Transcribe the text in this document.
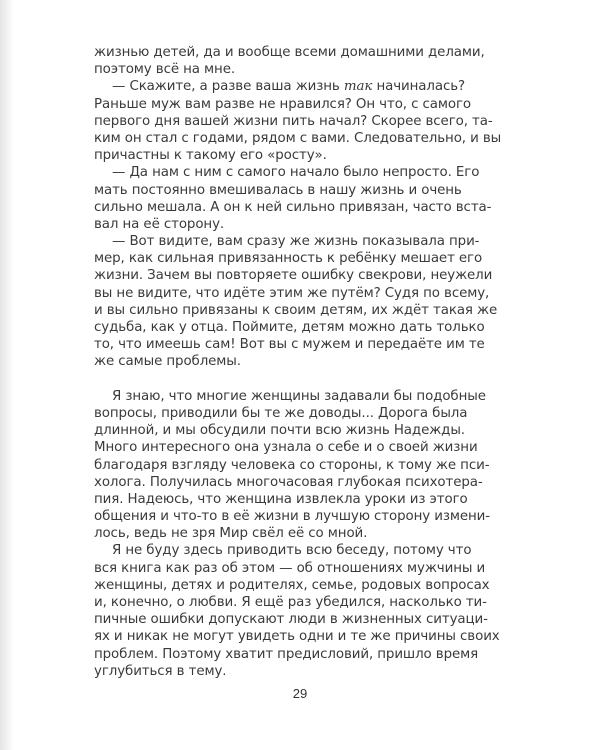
жизнью детей, да и вообще всеми домашними делами,
поэтому всё на мне.
— Скажите, а разве ваша жизнь так начиналась?
Раньше муж вам разве не нравился? Он что, с самого
первого дня вашей жизни пить начал? Скорее всего, та-
ким он стал с годами, рядом с вами. Следовательно, и вы
причастны к такому его «росту».
— Да нам с ним с самого начало было непросто. Его
мать постоянно вмешивалась в нашу жизнь и очень
сильно мешала. А он к ней сильно привязан, часто вста-
вал на её сторону.
— Вот видите, вам сразу же жизнь показывала при-
мер, как сильная привязанность к ребёнку мешает его
жизни. Зачем вы повторяете ошибку свекрови, неужели
вы не видите, что идёте этим же путём? Судя по всему,
и вы сильно привязаны к своим детям, их ждёт такая же
судьба, как у отца. Поймите, детям можно дать только
то, что имеешь сам! Вот вы с мужем и передаёте им те
же самые проблемы.
Я знаю, что многие женщины задавали бы подобные
вопросы, приводили бы те же доводы... Дорога была
длинной, и мы обсудили почти всю жизнь Надежды.
Много интересного она узнала о себе и о своей жизни
благодаря взгляду человека со стороны, к тому же пси-
холога. Получилась многочасовая глубокая психотера-
пия. Надеюсь, что женщина извлекла уроки из этого
общения и что-то в её жизни в лучшую сторону измени-
лось, ведь не зря Мир свёл её со мной.
Я не буду здесь приводить всю беседу, потому что
вся книга как раз об этом — об отношениях мужчины и
женщины, детях и родителях, семье, родовых вопросах
и, конечно, о любви. Я ещё раз убедился, насколько ти-
пичные ошибки допускают люди в жизненных ситуаци-
ях и никак не могут увидеть одни и те же причины своих
проблем. Поэтому хватит предисловий, пришло время
углубиться в тему.
29
